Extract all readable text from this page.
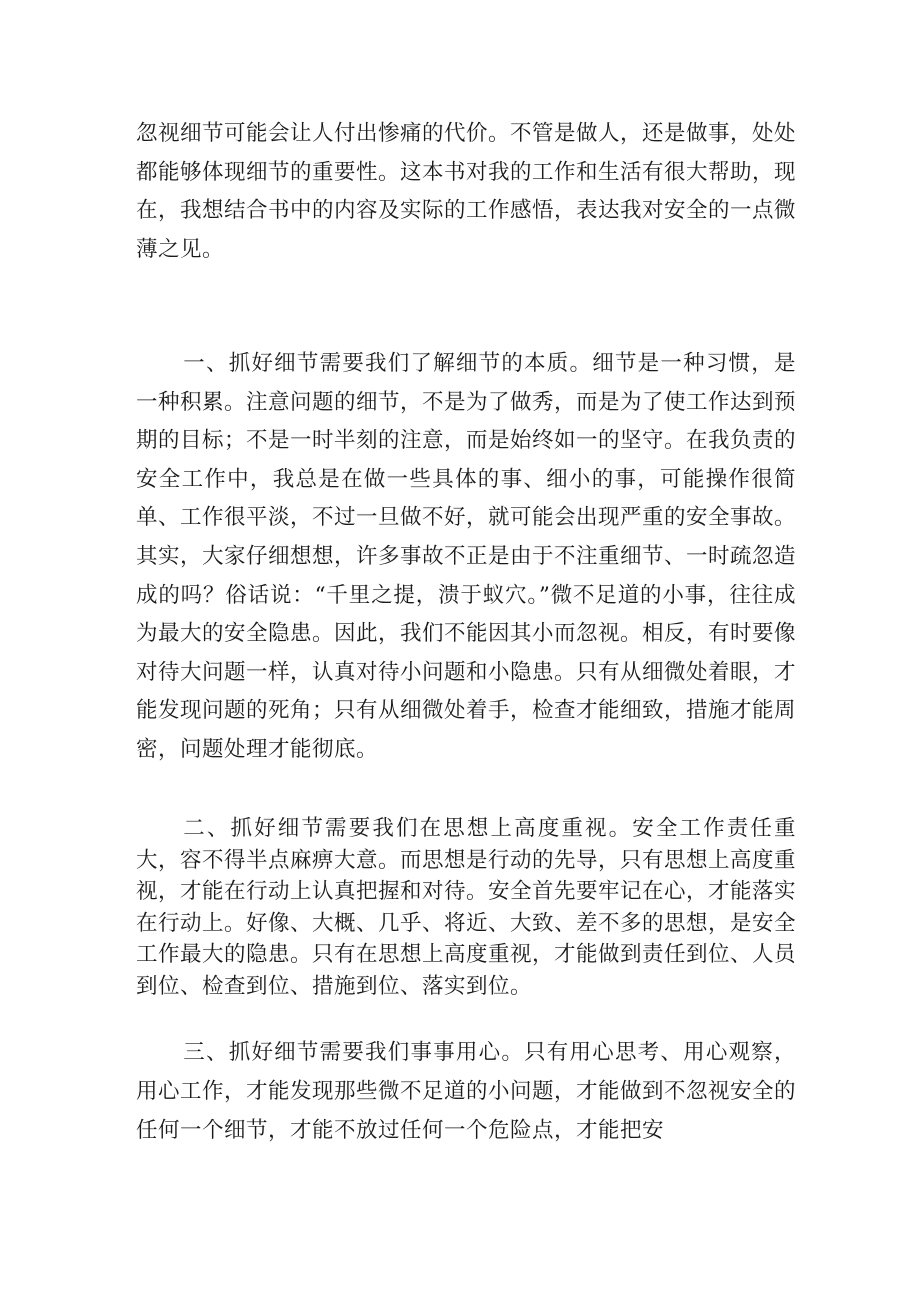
忽视细节可能会让人付出惨痛的代价。不管是做人，还是做事，处处都能够体现细节的重要性。这本书对我的工作和生活有很大帮助，现在，我想结合书中的内容及实际的工作感悟，表达我对安全的一点微薄之见。

一、抓好细节需要我们了解细节的本质。细节是一种习惯，是一种积累。注意问题的细节，不是为了做秀，而是为了使工作达到预期的目标；不是一时半刻的注意，而是始终如一的坚守。在我负责的安全工作中，我总是在做一些具体的事、细小的事，可能操作很简单、工作很平淡，不过一旦做不好，就可能会出现严重的安全事故。其实，大家仔细想想，许多事故不正是由于不注重细节、一时疏忽造成的吗？俗话说：“千里之提，溃于蚁穴。”微不足道的小事，往往成为最大的安全隐患。因此，我们不能因其小而忽视。相反，有时要像对待大问题一样，认真对待小问题和小隐患。只有从细微处着眼，才能发现问题的死角；只有从细微处着手，检查才能细致，措施才能周密，问题处理才能彻底。

二、抓好细节需要我们在思想上高度重视。安全工作责任重大，容不得半点麻痹大意。而思想是行动的先导，只有思想上高度重视，才能在行动上认真把握和对待。安全首先要牢记在心，才能落实在行动上。好像、大概、几乎、将近、大致、差不多的思想，是安全工作最大的隐患。只有在思想上高度重视，才能做到责任到位、人员到位、检查到位、措施到位、落实到位。

三、抓好细节需要我们事事用心。只有用心思考、用心观察，用心工作，才能发现那些微不足道的小问题，才能做到不忽视安全的任何一个细节，才能不放过任何一个危险点，才能把安
